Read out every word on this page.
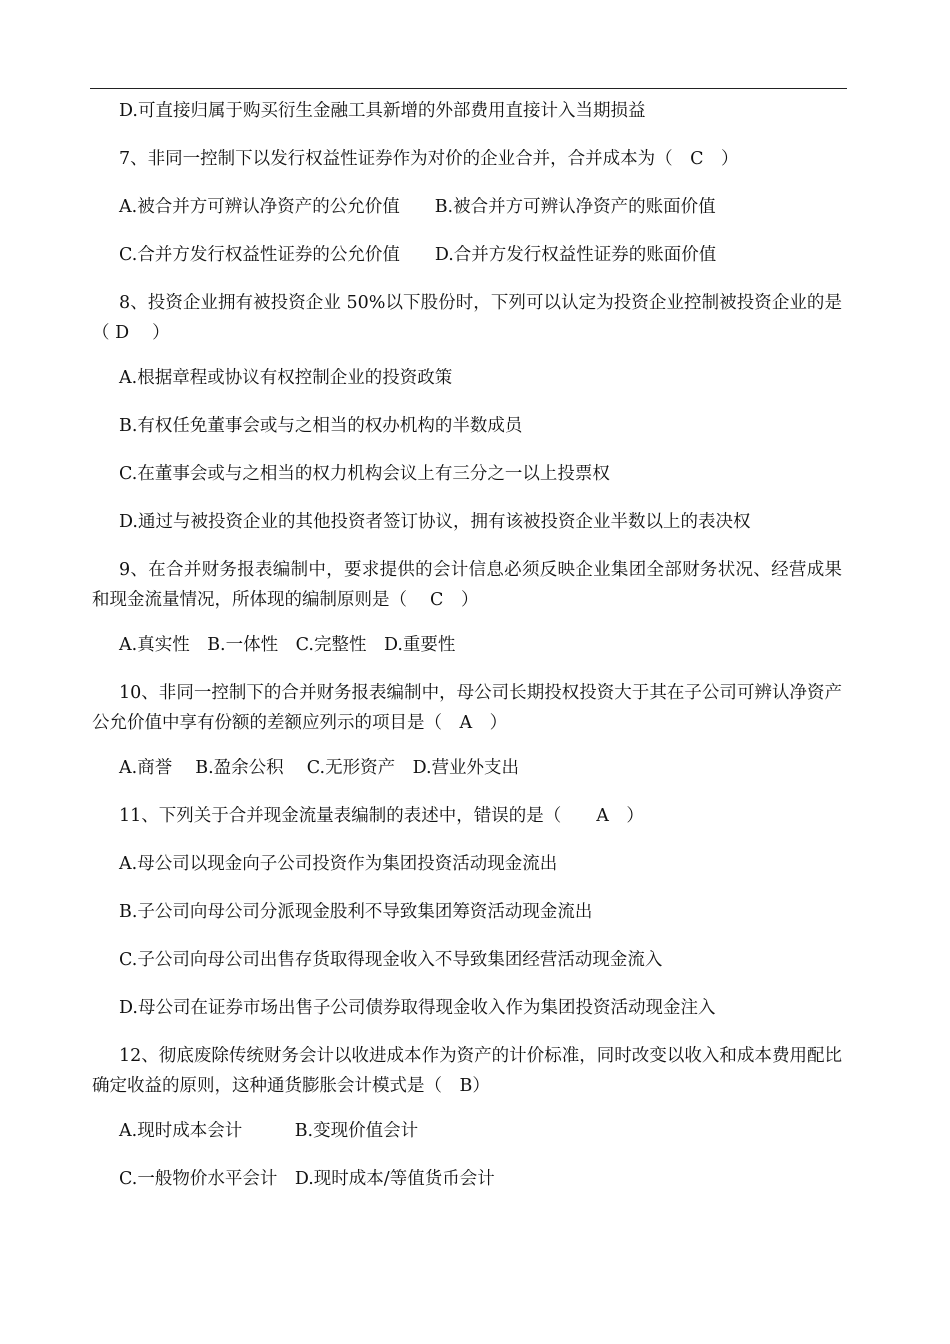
D.可直接归属于购买衍生金融工具新增的外部费用直接计入当期损益
7、非同一控制下以发行权益性证券作为对价的企业合并，合并成本为（　C　）
A.被合并方可辨认净资产的公允价值　　B.被合并方可辨认净资产的账面价值
C.合并方发行权益性证券的公允价值　　D.合并方发行权益性证券的账面价值
8、投资企业拥有被投资企业 50%以下股份时，下列可以认定为投资企业控制被投资企业的是（ D　 ）
A.根据章程或协议有权控制企业的投资政策
B.有权任免董事会或与之相当的权办机构的半数成员
C.在董事会或与之相当的权力机构会议上有三分之一以上投票权
D.通过与被投资企业的其他投资者签订协议，拥有该被投资企业半数以上的表决权
9、在合并财务报表编制中，要求提供的会计信息必须反映企业集团全部财务状况、经营成果和现金流量情况，所体现的编制原则是（　 C　）
A.真实性　B.一体性　C.完整性　D.重要性
10、非同一控制下的合并财务报表编制中，母公司长期投权投资大于其在子公司可辨认净资产公允价值中享有份额的差额应列示的项目是（　A　）
A.商誉　 B.盈余公积　 C.无形资产　D.营业外支出
11、下列关于合并现金流量表编制的表述中，错误的是（　　A　）
A.母公司以现金向子公司投资作为集团投资活动现金流出
B.子公司向母公司分派现金股利不导致集团筹资活动现金流出
C.子公司向母公司出售存货取得现金收入不导致集团经营活动现金流入
D.母公司在证券市场出售子公司债券取得现金收入作为集团投资活动现金注入
12、彻底废除传统财务会计以收进成本作为资产的计价标准，同时改变以收入和成本费用配比确定收益的原则，这种通货膨胀会计模式是（　B）
A.现时成本会计　　　B.变现价值会计
C.一般物价水平会计　D.现时成本/等值货币会计
